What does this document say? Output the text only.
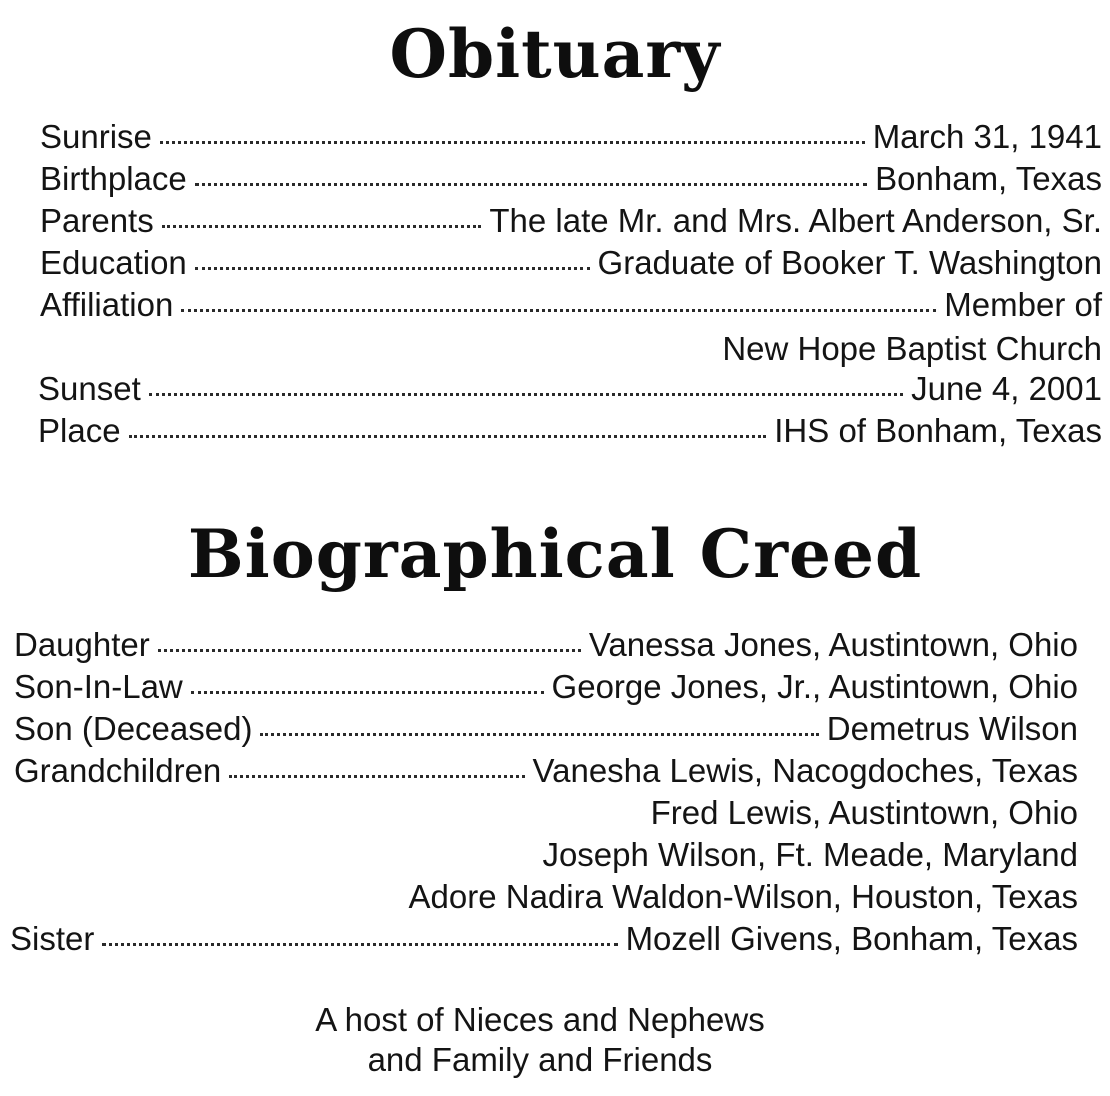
Obituary
Sunrise	March 31, 1941
Birthplace	Bonham, Texas
Parents	The late Mr. and Mrs. Albert Anderson, Sr.
Education	Graduate of Booker T. Washington
Affiliation	Member of
New Hope Baptist Church
Sunset	June 4, 2001
Place	IHS of Bonham, Texas
Biographical Creed
Daughter	Vanessa Jones, Austintown, Ohio
Son-In-Law	George Jones, Jr., Austintown, Ohio
Son (Deceased)	Demetrus Wilson
Grandchildren	Vanesha Lewis, Nacogdoches, Texas
Fred Lewis, Austintown, Ohio
Joseph Wilson, Ft. Meade, Maryland
Adore Nadira Waldon-Wilson, Houston, Texas
Sister	Mozell Givens, Bonham, Texas
A host of Nieces and Nephews
and Family and Friends
